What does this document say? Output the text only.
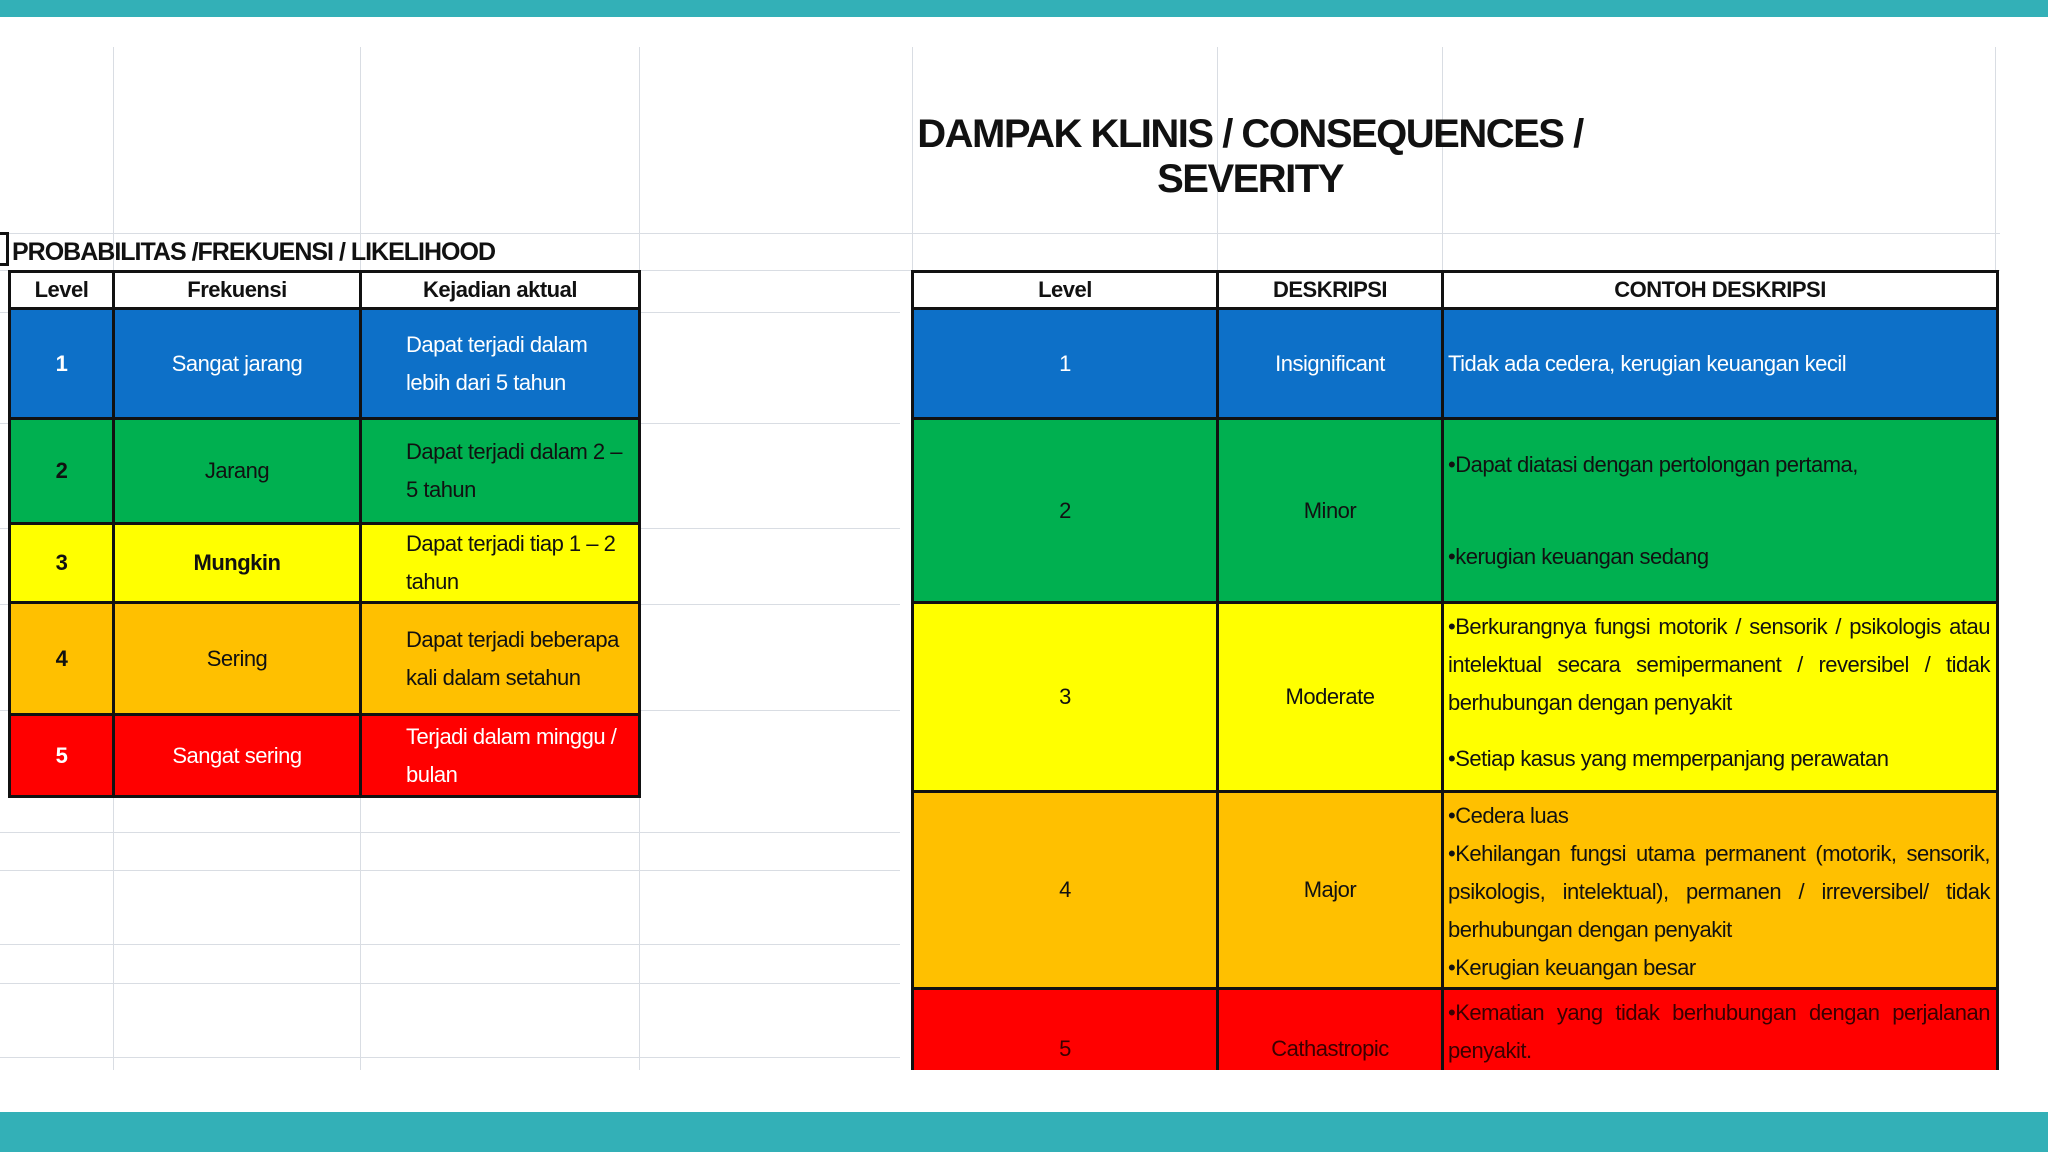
DAMPAK KLINIS / CONSEQUENCES / SEVERITY
PROBABILITAS /FREKUENSI / LIKELIHOOD
Level	Frekuensi	Kejadian aktual
1	Sangat jarang	Dapat terjadi dalam lebih dari 5 tahun
2	Jarang	Dapat terjadi dalam 2 – 5 tahun
3	Mungkin	Dapat terjadi tiap 1 – 2 tahun
4	Sering	Dapat terjadi beberapa kali dalam setahun
5	Sangat sering	Terjadi dalam minggu / bulan
Level	DESKRIPSI	CONTOH DESKRIPSI
1	Insignificant	Tidak ada cedera, kerugian keuangan kecil

2	Minor	•Dapat diatasi dengan pertolongan pertama,

•kerugian keuangan sedang

3	Moderate	•Berkurangnya fungsi motorik / sensorik / psikologis atau intelektual secara semipermanent / reversibel / tidak berhubungan dengan penyakit

•Setiap kasus yang memperpanjang perawatan

4	Major	•Cedera luas

•Kehilangan fungsi utama permanent (motorik, sensorik, psikologis, intelektual), permanen / irreversibel/ tidak berhubungan dengan penyakit

•Kerugian keuangan besar

5	Cathastropic	•Kematian yang tidak berhubungan dengan perjalanan penyakit.
